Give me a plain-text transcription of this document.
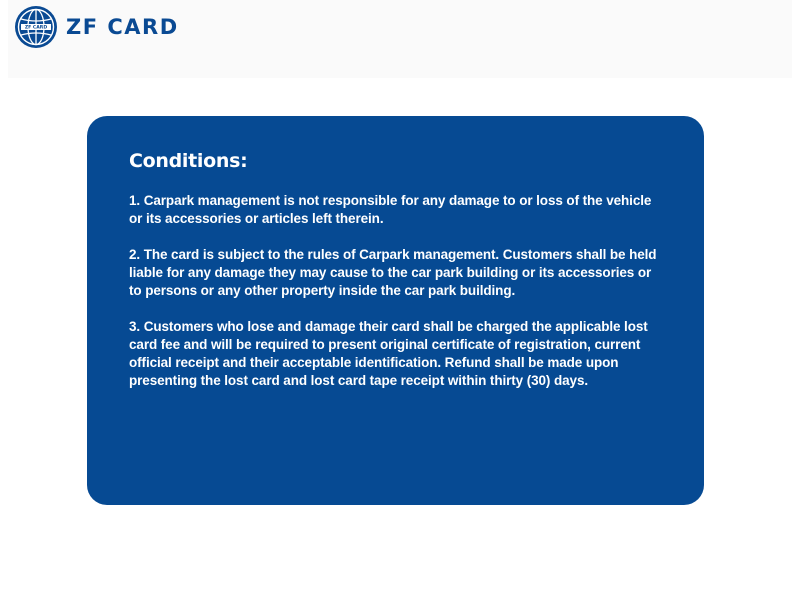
ZF CARD ZF CARD
Conditions:

1. Carpark management is not responsible for any damage to or loss of the vehicle or its accessories or articles left therein.

2. The card is subject to the rules of Carpark management. Customers shall be held liable for any damage they may cause to the car park building or its accessories or to persons or any other property inside the car park building.

3. Customers who lose and damage their card shall be charged the applicable lost card fee and will be required to present original certificate of registration, current official receipt and their acceptable identification. Refund shall be made upon presenting the lost card and lost card tape receipt within thirty (30) days.
